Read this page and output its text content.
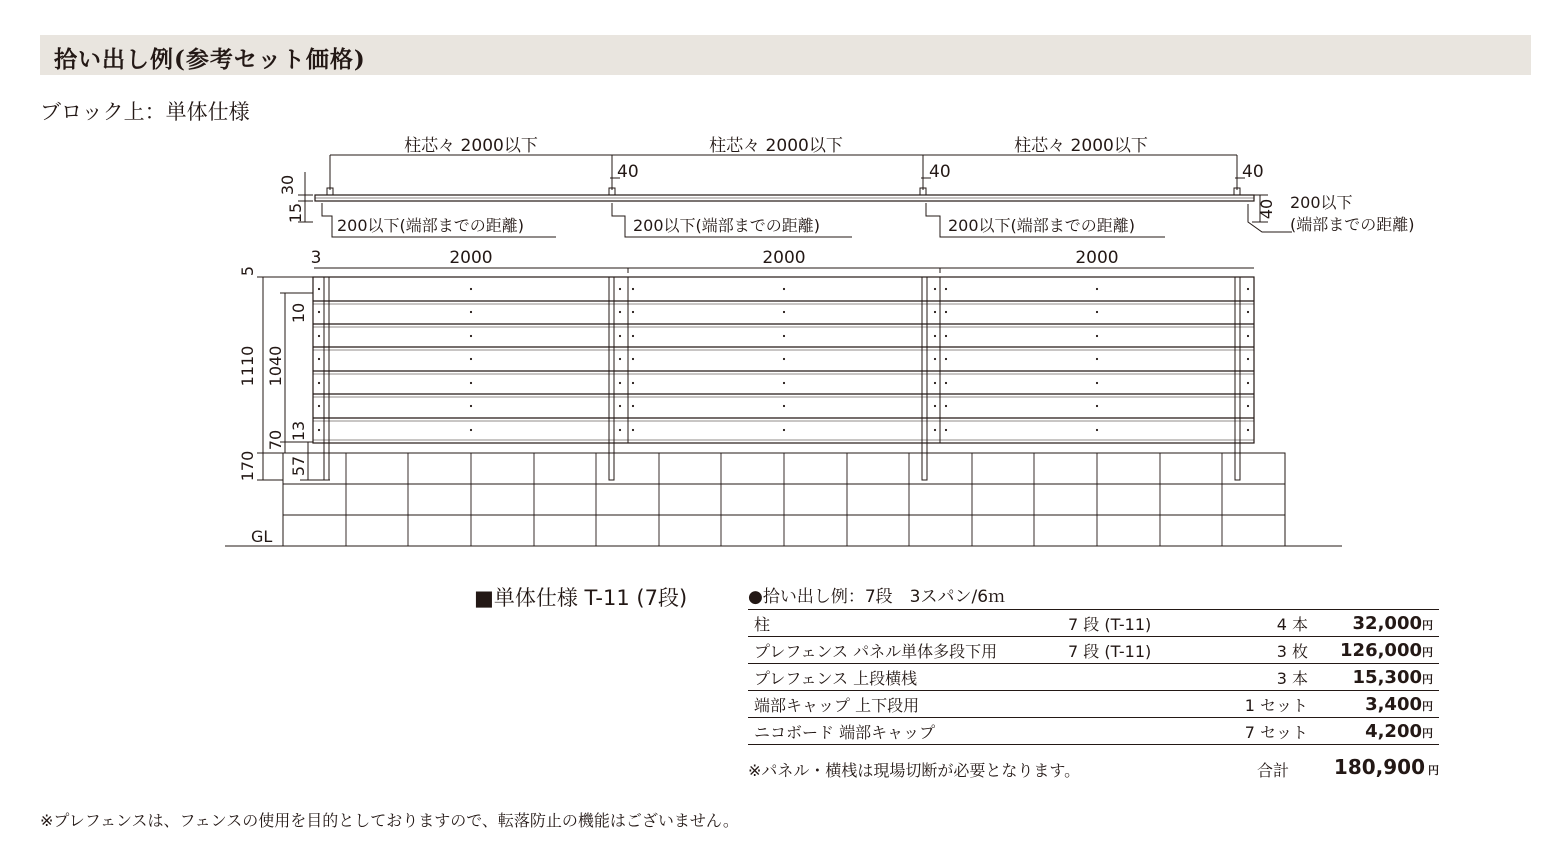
拾い出し例(参考セット価格)
ブロック上：単体仕様
柱芯々 2000以下	柱芯々 2000以下	柱芯々 2000以下
40	40	40
200以下(端部までの距離)	200以下(端部までの距離)	200以下(端部までの距離)
200以下
(端部までの距離)
30
15	40
3	2000	2000	2000
5
1110
170
10
1040
70 13
57
GL
■単体仕様 T-11 (7段)	●拾い出し例：7段　3スパン/6ｍ
柱	7 段 (T-11)	4 本	32,000円
プレフェンス パネル単体多段下用	7 段 (T-11)	3 枚	126,000円
プレフェンス 上段横桟		3 本	15,300円
端部キャップ 上下段用		1 セット	3,400円
ニコボード 端部キャップ		7 セット	4,200円
※パネル・横桟は現場切断が必要となります。	合計 180,900 円
※プレフェンスは、フェンスの使用を目的としておりますので、転落防止の機能はございません。
